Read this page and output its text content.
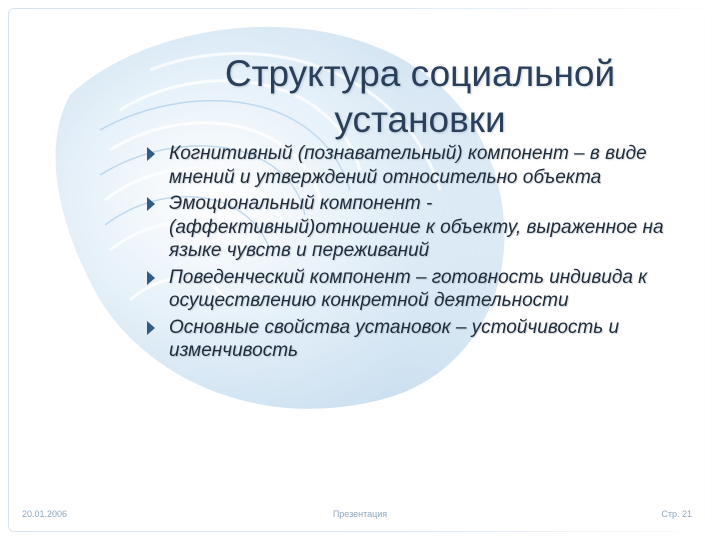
Структура социальной
установки
Когнитивный (познавательный) компонент – в виде мнений и утверждений относительно объекта
Эмоциональный компонент - (аффективный)отношение к объекту, выраженное на языке чувств и переживаний
Поведенческий компонент – готовность индивида к осуществлению конкретной деятельности
Основные свойства установок – устойчивость и изменчивость
20.01.2006	Презентация	Стр. 21
